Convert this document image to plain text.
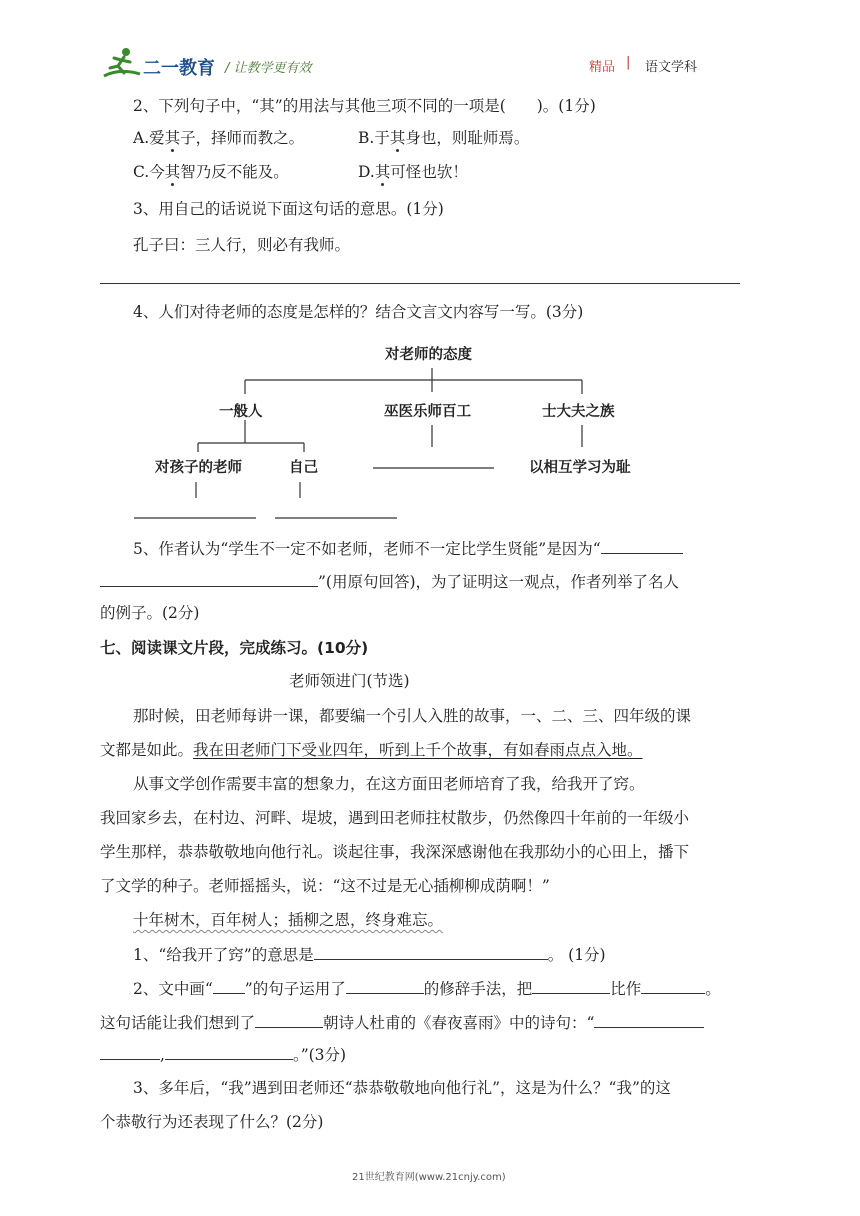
二一教育 / 让教学更有效	精品 | 语文学科
2、下列句子中，“其”的用法与其他三项不同的一项是(　　)。(1分)
A.爱其子，择师而教之。	B.于其身也，则耻师焉。
C.今其智乃反不能及。	D.其可怪也欤！
3、用自己的话说说下面这句话的意思。(1分)
孔子曰：三人行，则必有我师。
4、人们对待老师的态度是怎样的？结合文言文内容写一写。(3分)
对老师的态度
一般人	巫医乐师百工	士大夫之族
对孩子的老师	自己	以相互学习为耻
5、作者认为“学生不一定不如老师，老师不一定比学生贤能”是因为“
”(用原句回答)，为了证明这一观点，作者列举了名人
的例子。(2分)
七、阅读课文片段，完成练习。(10分)
老师领进门(节选)
那时候，田老师每讲一课，都要编一个引人入胜的故事，一、二、三、四年级的课
文都是如此。我在田老师门下受业四年，听到上千个故事，有如春雨点点入地。
从事文学创作需要丰富的想象力，在这方面田老师培育了我，给我开了窍。
我回家乡去，在村边、河畔、堤坡，遇到田老师拄杖散步，仍然像四十年前的一年级小
学生那样，恭恭敬敬地向他行礼。谈起往事，我深深感谢他在我那幼小的心田上，播下
了文学的种子。老师摇摇头，说：“这不过是无心插柳柳成荫啊！”
十年树木，百年树人；插柳之恩，终身难忘。
1、“给我开了窍”的意思是	。 (1分)
2、文中画“ ”的句子运用了	的修辞手法，把	比作	。
这句话能让我们想到了	朝诗人杜甫的《春夜喜雨》中的诗句：“
,	。”(3分)
3、多年后，“我”遇到田老师还“恭恭敬敬地向他行礼”，这是为什么？“我”的这
个恭敬行为还表现了什么？(2分)
21世纪教育网(www.21cnjy.com)
